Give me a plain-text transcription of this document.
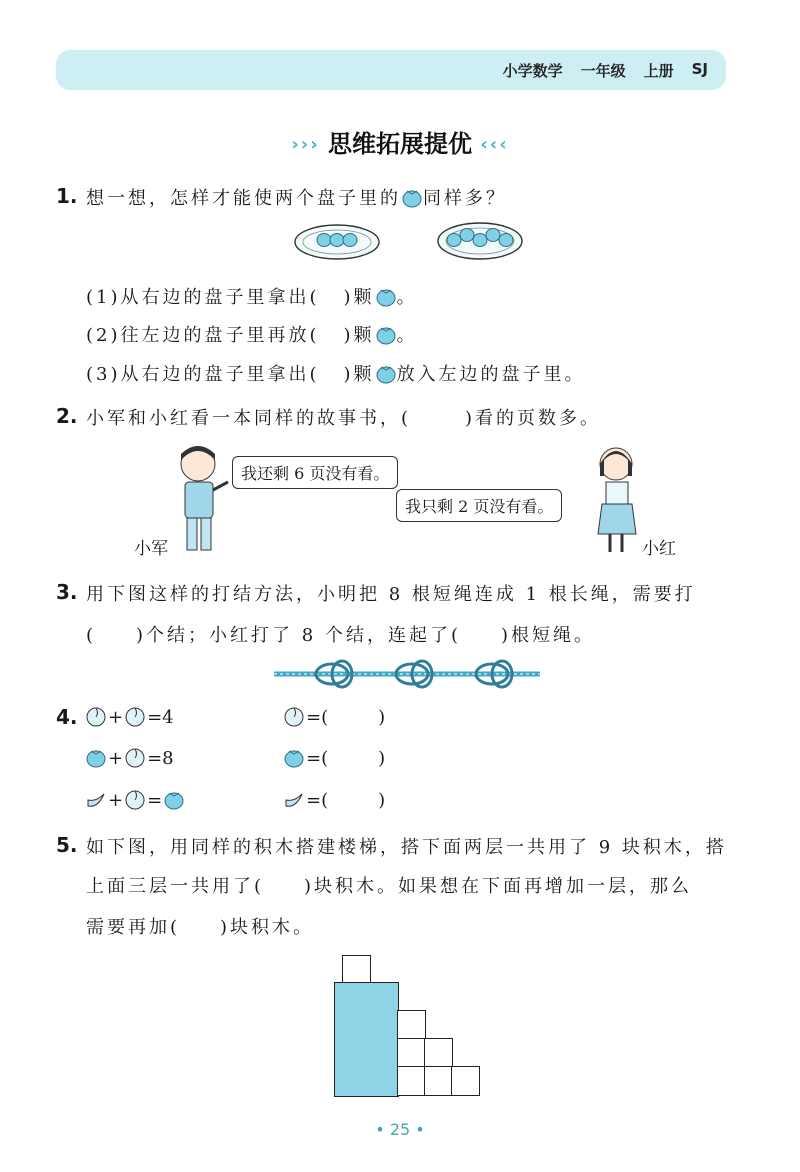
小学数学 一年级 上册 SJ
››› 思维拓展提优 ‹‹‹
1. 想一想，怎样才能使两个盘子里的 同样多？
(1)从右边的盘子里拿出( )颗 。
(2)往左边的盘子里再放( )颗 。
(3)从右边的盘子里拿出( )颗 放入左边的盘子里。
2. 小军和小红看一本同样的故事书，(	)看的页数多。
我还剩 6 页没有看。
小军
我只剩 2 页没有看。
小红
3. 用下图这样的打结方法，小明把 8 根短绳连成 1 根长绳，需要打
( )个结；小红打了 8 个结，连起了( )根短绳。
4.	+ =4	=(	)
+ =8	=(	)
+ =	=(	)
5. 如下图，用同样的积木搭建楼梯，搭下面两层一共用了 9 块积木，搭
上面三层一共用了( )块积木。如果想在下面再增加一层，那么
需要再加( )块积木。
• 25 •
